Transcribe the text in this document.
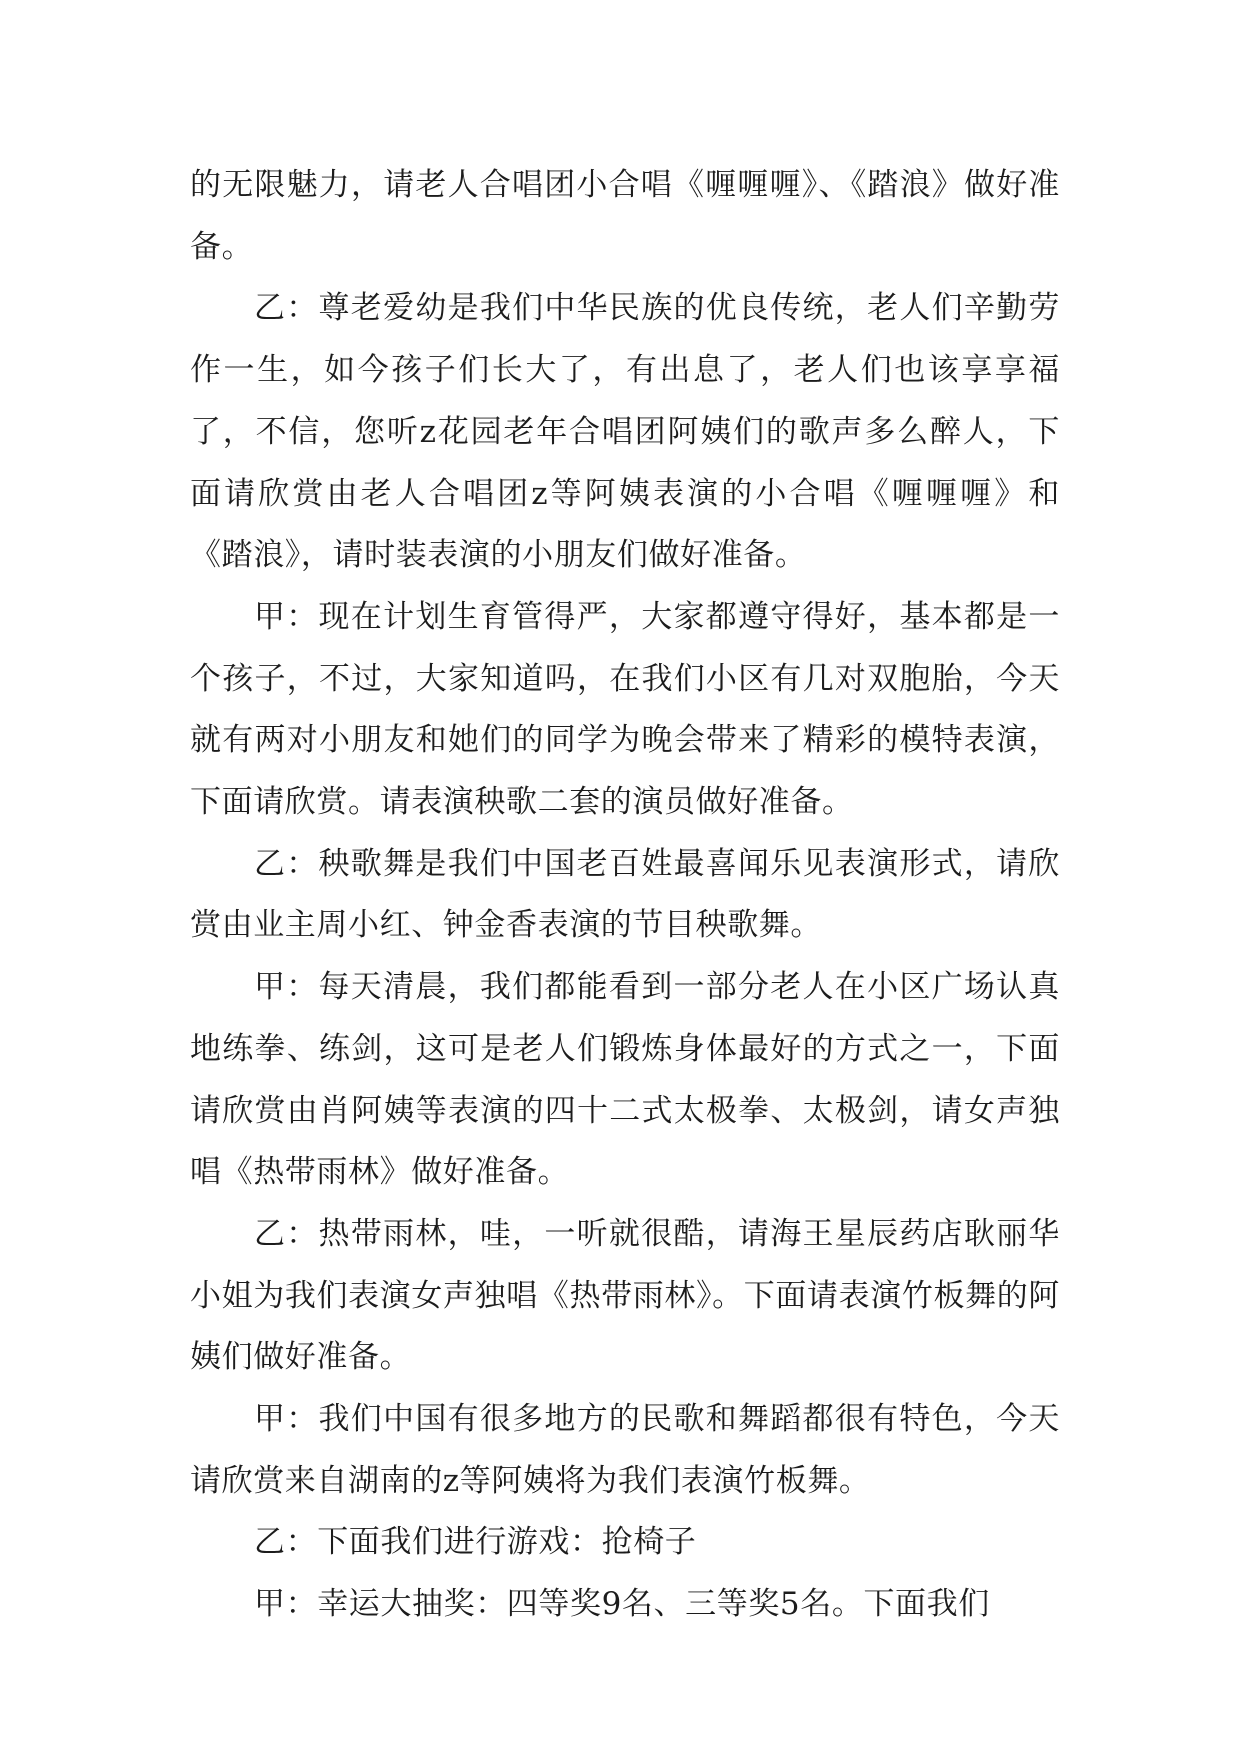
的无限魅力，请老人合唱团小合唱《喱喱喱》、《踏浪》做好准备。

乙：尊老爱幼是我们中华民族的优良传统，老人们辛勤劳作一生，如今孩子们长大了，有出息了，老人们也该享享福了，不信，您听z花园老年合唱团阿姨们的歌声多么醉人，下面请欣赏由老人合唱团z等阿姨表演的小合唱《喱喱喱》和《踏浪》，请时装表演的小朋友们做好准备。

甲：现在计划生育管得严，大家都遵守得好，基本都是一个孩子，不过，大家知道吗，在我们小区有几对双胞胎，今天就有两对小朋友和她们的同学为晚会带来了精彩的模特表演，下面请欣赏。请表演秧歌二套的演员做好准备。

乙：秧歌舞是我们中国老百姓最喜闻乐见表演形式，请欣赏由业主周小红、钟金香表演的节目秧歌舞。

甲：每天清晨，我们都能看到一部分老人在小区广场认真地练拳、练剑，这可是老人们锻炼身体最好的方式之一，下面请欣赏由肖阿姨等表演的四十二式太极拳、太极剑，请女声独唱《热带雨林》做好准备。

乙：热带雨林，哇，一听就很酷，请海王星辰药店耿丽华小姐为我们表演女声独唱《热带雨林》。下面请表演竹板舞的阿姨们做好准备。

甲：我们中国有很多地方的民歌和舞蹈都很有特色，今天请欣赏来自湖南的z等阿姨将为我们表演竹板舞。

乙：下面我们进行游戏：抢椅子

甲：幸运大抽奖：四等奖9名、三等奖5名。下面我们
